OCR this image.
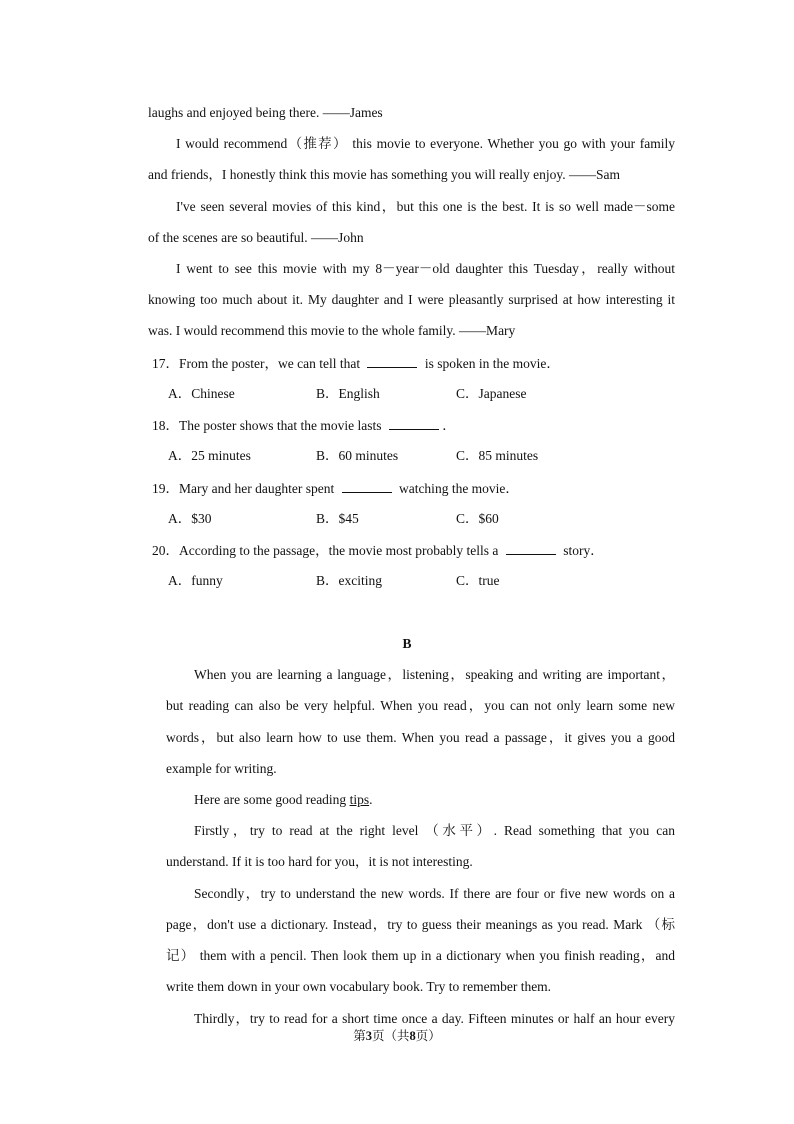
laughs and enjoyed being there. ——James
I would recommend（推荐） this movie to everyone. Whether you go with your family
and friends，I honestly think this movie has something you will really enjoy. ——Sam
I've seen several movies of this kind，but this one is the best. It is so well made－some
of the scenes are so beautiful. ——John
I went to see this movie with my 8－year－old daughter this Tuesday，really without
knowing too much about it. My daughter and I were pleasantly surprised at how interesting it
was. I would recommend this movie to the whole family. ——Mary
17．From the poster，we can tell that	is spoken in the movie．
A．Chinese	B．English	C．Japanese
18．The poster shows that the movie lasts	．
A．25 minutes	B．60 minutes	C．85 minutes
19．Mary and her daughter spent	watching the movie．
A．$30	B．$45	C．$60
20．According to the passage，the movie most probably tells a	story．
A．funny	B．exciting	C．true
B
When you are learning a language，listening，speaking and writing are important，
but reading can also be very helpful. When you read，you can not only learn some new
words，but also learn how to use them. When you read a passage，it gives you a good
example for writing.
Here are some good reading tips.
Firstly，try to read at the right level （水平）. Read something that you can
understand. If it is too hard for you，it is not interesting.
Secondly，try to understand the new words. If there are four or five new words on a
page，don't use a dictionary. Instead，try to guess their meanings as you read. Mark （标
记） them with a pencil. Then look them up in a dictionary when you finish reading，and
write them down in your own vocabulary book. Try to remember them.
Thirdly，try to read for a short time once a day. Fifteen minutes or half an hour every
第3页（共8页）
